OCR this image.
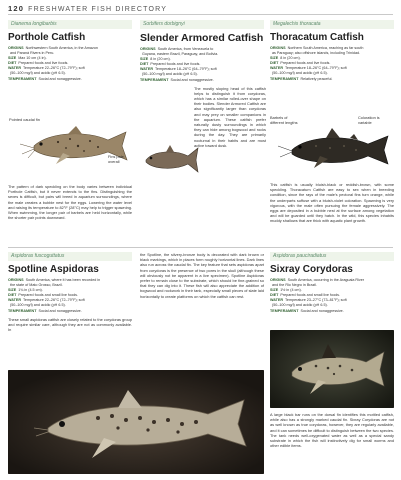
120 FRESHWATER FISH DIRECTORY
Dianema longibarbis
Porthole Catfish
ORIGINS Northwestern South America, in the Amazon
and Paraná Rivers in Peru.
SIZE Max 10 cm (4 in).
DIET Prepared foods and live foods.
WATER Temperature 22–26°C (72–79°F); soft
(50–100 mg/l) and acidic (pH 6.5).
TEMPERAMENT Social and nonaggressive.
Pointed caudal fin
Fins pale overall

The pattern of dark speckling on the body varies between individual Porthole Catfish, but it never extends to the fins. Distinguishing the sexes is difficult, but pairs will breed in aquarium surroundings, where the male creates a bubble nest for the eggs. Lowering the water level and raising its temperature to 82°F (28°C) may help to trigger spawning. When swimming, the longer pair of barbels are held horizontally, while the shorter pair points downward.

Sorbifers dorbignyi
Slender Armored Catfish
ORIGINS South America, from Venezuela to
Guyana, eastern Brazil, Paraguay, and Bolivia.
SIZE 8 in (20 cm).
DIET Prepared foods and live foods.
WATER Temperature 18–26°C (64–79°F); soft
(50–100 mg/l) and acidic (pH 6.5).
TEMPERAMENT Social and nonaggressive.

The mostly sloping head of this catfish helps to distinguish it from corydoras, which has a similar rolled-over shape on their bodies. Slender Armored Catfish are also significantly larger than corydoras and may prey on smaller companions in the aquarium. These catfish prefer naturally dusty surroundings in which they can hide among bogwood and rocks during the day. They are primarily nocturnal in their habits and are most active toward dusk.

Megalechis thoracata
Thoracatum Catfish
ORIGINS Northern South America, reaching as far south
as Paraguay; also offshore islands, including Trinidad.
SIZE 8 in (20 cm).
DIET Prepared foods and live foods.
WATER Temperature 18–26°C (64–79°F); soft
(50–100 mg/l) and acidic (pH 6.5).
TEMPERAMENT Relatively peaceful.
Barbels of different lengths
Coloration is variable

This catfish is usually bluish-black or reddish-brown, with some speckling. Thoracatum Catfish are easy to sex when in breeding condition, since the rays of the male's pectoral fins turn orange, while the underparts suffuse with a bluish-violet coloration. Spawning is very vigorous, with the male often pursuing the female aggressively. The eggs are deposited in a bubble nest at the surface among vegetation and will be guarded until they hatch. In the wild, this species inhabits muddy shallows that are thick with aquatic plant growth.

Aspidoras fuscoguttatus
Spotline Aspidoras
ORIGINS South America, where it has been recorded in
the state of Mato Grosso, Brazil.
SIZE 1¾ in (4.5 cm).
DIET Prepared foods and small live foods.
WATER Temperature 22–26°C (72–79°F); soft
(50–100 mg/l) and acidic (pH 6.5).
TEMPERAMENT Social and nonaggressive.

These small aspidoras catfish are closely related to the corydoras group and require similar care, although they are not as commonly available. In

the Spotline, the silvery-bronze body is decorated with dark brown or black markings, which in places form roughly horizontal lines. Dark lines also run across the caudal fin. The key feature that sets aspidoras apart from corydoras is the presence of two pores in the skull (although these will obviously not be apparent in a live specimen). Spotline Aspidoras prefer to remain close to the substrate, which should be fine-grained so that they can dig into it. These fish will also appreciate the addition of bogwood and rockwork in their tank, especially small pieces of slate laid horizontally to create platforms on which the catfish can rest.

Aspidoras pauciradiatus
Sixray Corydoras
ORIGINS South America, occurring in the Araguaia River
and the Rio Negro in Brazil.
SIZE 1½ in (4 cm).
DIET Prepared foods and small live foods.
WATER Temperature 23–27°C (73–81°F); soft
(50–100 mg/l) and acidic (pH 6.5).
TEMPERAMENT Social and nonaggressive.

A large black bar runs on the dorsal fin identifies this mottled catfish, while also has a strongly marked caudal fin. Sixray Corydoras are not as well known as true corydoras, however, they are regularly available, and it can sometimes be difficult to distinguish between the two species. The tank needs well-oxygenated water as well as a special sandy substrate in which the fish will instinctively dig for small worms and other edible items.
